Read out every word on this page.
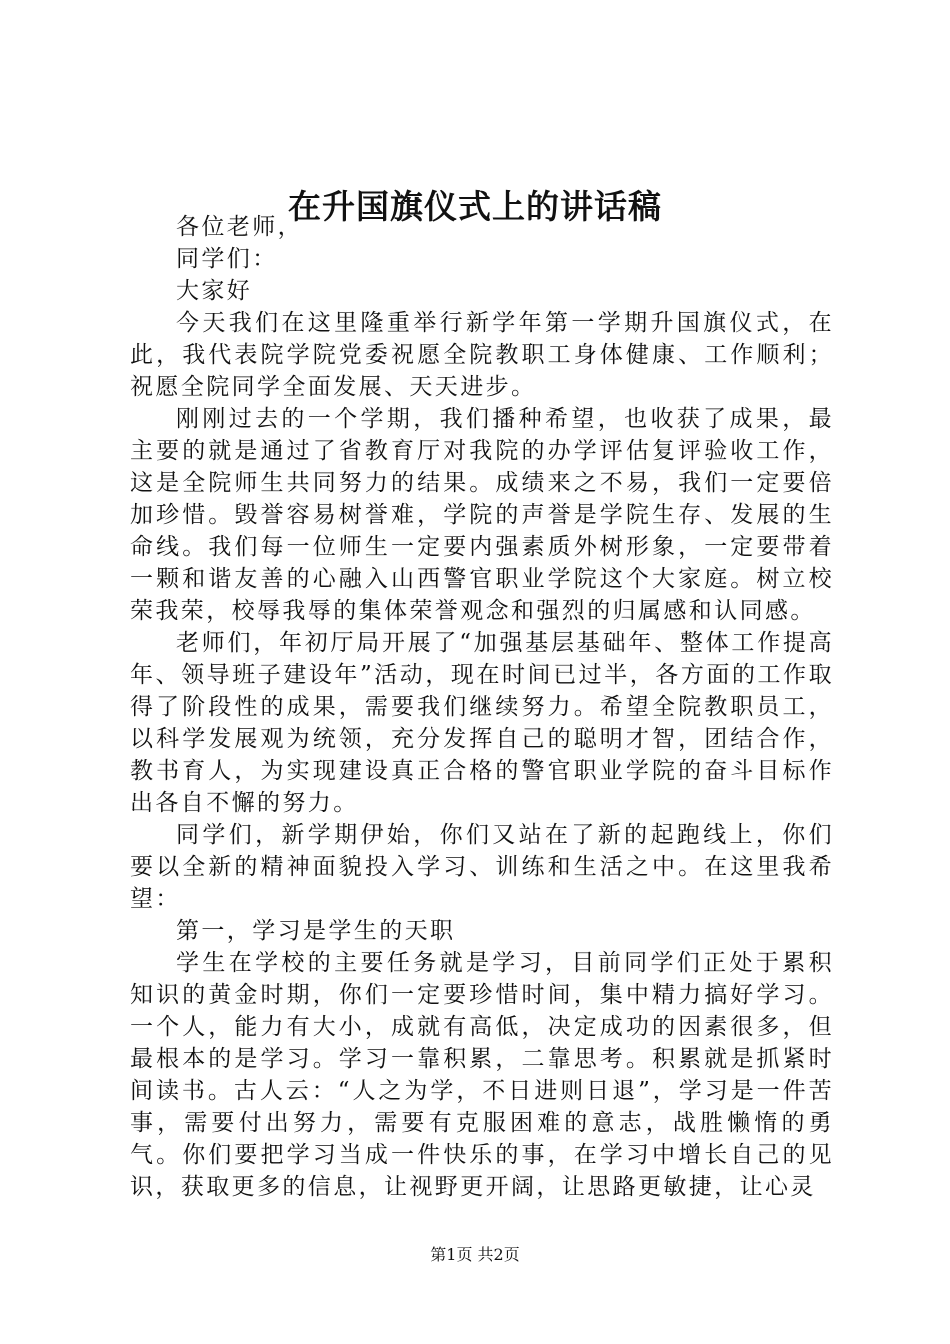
在升国旗仪式上的讲话稿

各位老师，

同学们：

大家好

今天我们在这里隆重举行新学年第一学期升国旗仪式，在此，我代表院学院党委祝愿全院教职工身体健康、工作顺利；祝愿全院同学全面发展、天天进步。

刚刚过去的一个学期，我们播种希望，也收获了成果，最主要的就是通过了省教育厅对我院的办学评估复评验收工作，这是全院师生共同努力的结果。成绩来之不易，我们一定要倍加珍惜。毁誉容易树誉难，学院的声誉是学院生存、发展的生命线。我们每一位师生一定要内强素质外树形象，一定要带着一颗和谐友善的心融入山西警官职业学院这个大家庭。树立校荣我荣，校辱我辱的集体荣誉观念和强烈的归属感和认同感。

老师们，年初厅局开展了“加强基层基础年、整体工作提高年、领导班子建设年”活动，现在时间已过半，各方面的工作取得了阶段性的成果，需要我们继续努力。希望全院教职员工，以科学发展观为统领，充分发挥自己的聪明才智，团结合作，教书育人，为实现建设真正合格的警官职业学院的奋斗目标作出各自不懈的努力。

同学们，新学期伊始，你们又站在了新的起跑线上，你们要以全新的精神面貌投入学习、训练和生活之中。在这里我希望：

第一，学习是学生的天职

学生在学校的主要任务就是学习，目前同学们正处于累积知识的黄金时期，你们一定要珍惜时间，集中精力搞好学习。一个人，能力有大小，成就有高低，决定成功的因素很多，但最根本的是学习。学习一靠积累，二靠思考。积累就是抓紧时间读书。古人云：“人之为学，不日进则日退”，学习是一件苦事，需要付出努力，需要有克服困难的意志，战胜懒惰的勇气。你们要把学习当成一件快乐的事，在学习中增长自己的见识，获取更多的信息，让视野更开阔，让思路更敏捷，让心灵

第1页 共2页
